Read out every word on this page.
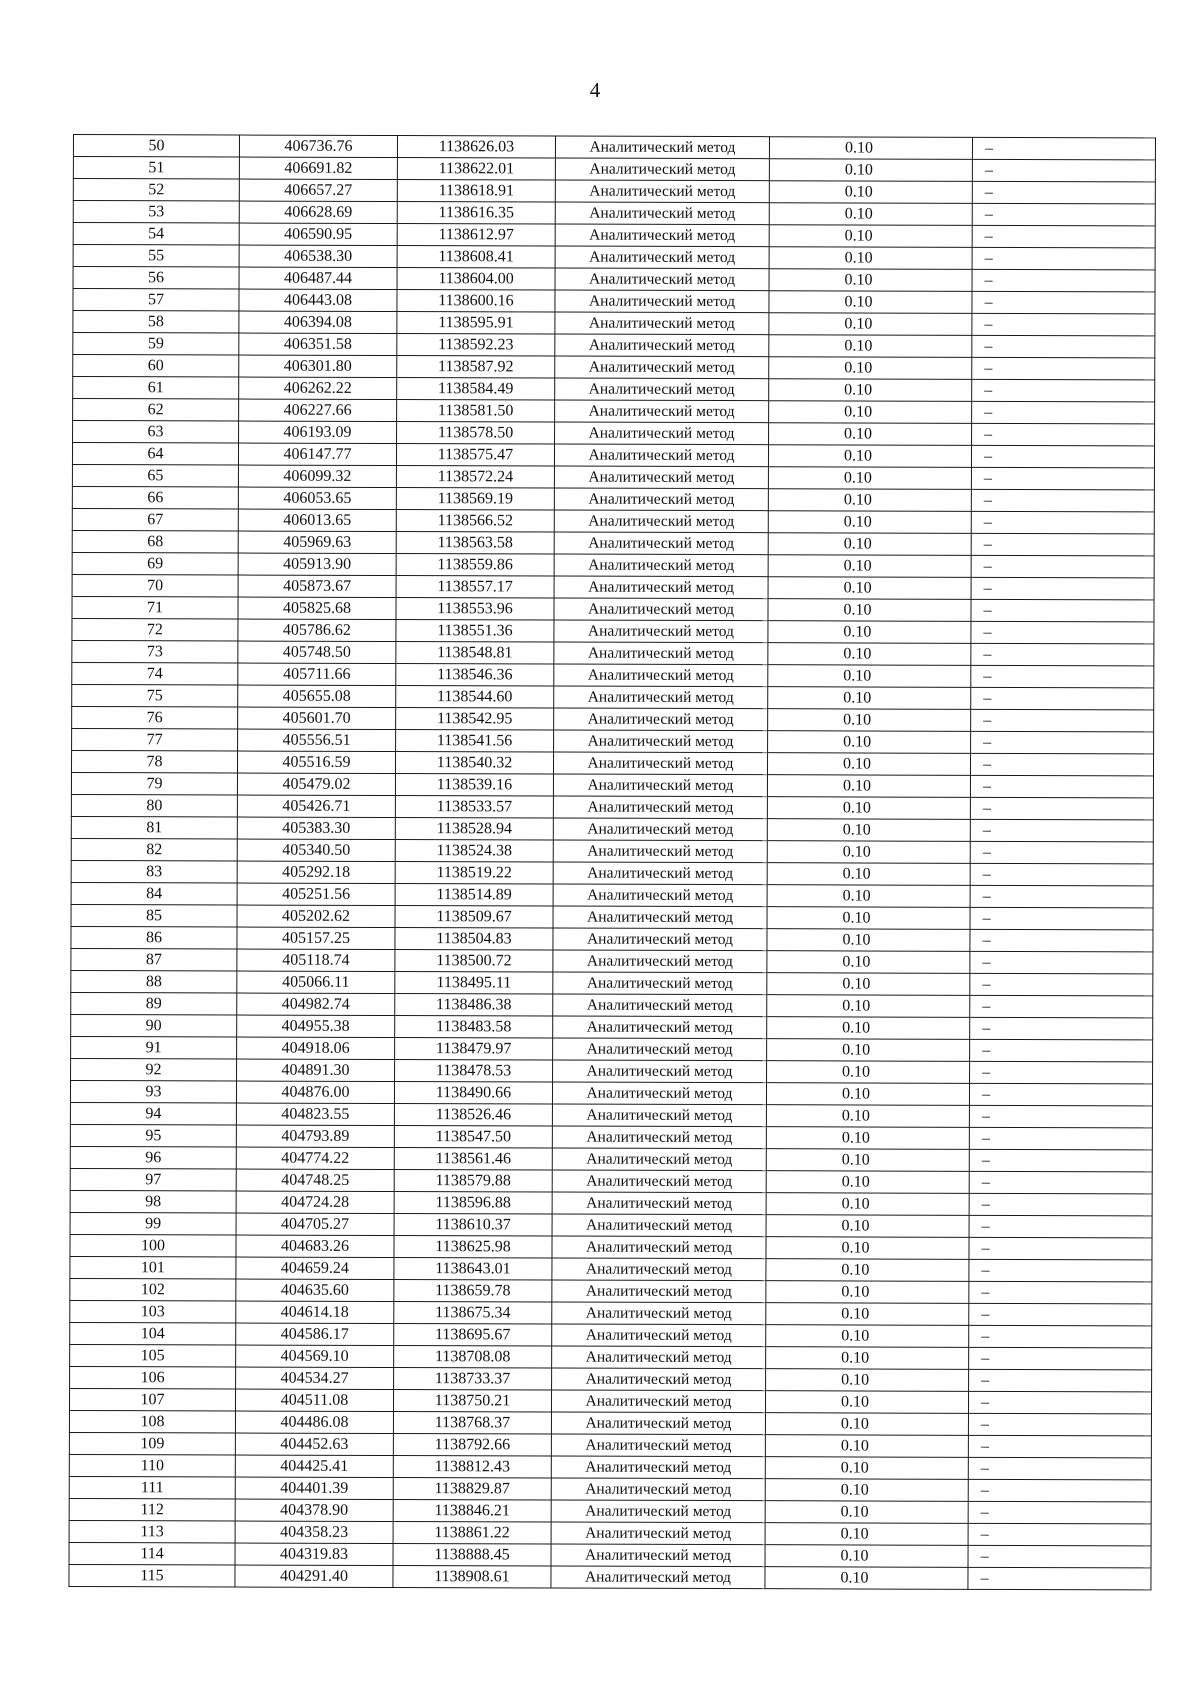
4
50	406736.76	1138626.03	Аналитический метод	0.10	–
51	406691.82	1138622.01	Аналитический метод	0.10	–
52	406657.27	1138618.91	Аналитический метод	0.10	–
53	406628.69	1138616.35	Аналитический метод	0.10	–
54	406590.95	1138612.97	Аналитический метод	0.10	–
55	406538.30	1138608.41	Аналитический метод	0.10	–
56	406487.44	1138604.00	Аналитический метод	0.10	–
57	406443.08	1138600.16	Аналитический метод	0.10	–
58	406394.08	1138595.91	Аналитический метод	0.10	–
59	406351.58	1138592.23	Аналитический метод	0.10	–
60	406301.80	1138587.92	Аналитический метод	0.10	–
61	406262.22	1138584.49	Аналитический метод	0.10	–
62	406227.66	1138581.50	Аналитический метод	0.10	–
63	406193.09	1138578.50	Аналитический метод	0.10	–
64	406147.77	1138575.47	Аналитический метод	0.10	–
65	406099.32	1138572.24	Аналитический метод	0.10	–
66	406053.65	1138569.19	Аналитический метод	0.10	–
67	406013.65	1138566.52	Аналитический метод	0.10	–
68	405969.63	1138563.58	Аналитический метод	0.10	–
69	405913.90	1138559.86	Аналитический метод	0.10	–
70	405873.67	1138557.17	Аналитический метод	0.10	–
71	405825.68	1138553.96	Аналитический метод	0.10	–
72	405786.62	1138551.36	Аналитический метод	0.10	–
73	405748.50	1138548.81	Аналитический метод	0.10	–
74	405711.66	1138546.36	Аналитический метод	0.10	–
75	405655.08	1138544.60	Аналитический метод	0.10	–
76	405601.70	1138542.95	Аналитический метод	0.10	–
77	405556.51	1138541.56	Аналитический метод	0.10	–
78	405516.59	1138540.32	Аналитический метод	0.10	–
79	405479.02	1138539.16	Аналитический метод	0.10	–
80	405426.71	1138533.57	Аналитический метод	0.10	–
81	405383.30	1138528.94	Аналитический метод	0.10	–
82	405340.50	1138524.38	Аналитический метод	0.10	–
83	405292.18	1138519.22	Аналитический метод	0.10	–
84	405251.56	1138514.89	Аналитический метод	0.10	–
85	405202.62	1138509.67	Аналитический метод	0.10	–
86	405157.25	1138504.83	Аналитический метод	0.10	–
87	405118.74	1138500.72	Аналитический метод	0.10	–
88	405066.11	1138495.11	Аналитический метод	0.10	–
89	404982.74	1138486.38	Аналитический метод	0.10	–
90	404955.38	1138483.58	Аналитический метод	0.10	–
91	404918.06	1138479.97	Аналитический метод	0.10	–
92	404891.30	1138478.53	Аналитический метод	0.10	–
93	404876.00	1138490.66	Аналитический метод	0.10	–
94	404823.55	1138526.46	Аналитический метод	0.10	–
95	404793.89	1138547.50	Аналитический метод	0.10	–
96	404774.22	1138561.46	Аналитический метод	0.10	–
97	404748.25	1138579.88	Аналитический метод	0.10	–
98	404724.28	1138596.88	Аналитический метод	0.10	–
99	404705.27	1138610.37	Аналитический метод	0.10	–
100	404683.26	1138625.98	Аналитический метод	0.10	–
101	404659.24	1138643.01	Аналитический метод	0.10	–
102	404635.60	1138659.78	Аналитический метод	0.10	–
103	404614.18	1138675.34	Аналитический метод	0.10	–
104	404586.17	1138695.67	Аналитический метод	0.10	–
105	404569.10	1138708.08	Аналитический метод	0.10	–
106	404534.27	1138733.37	Аналитический метод	0.10	–
107	404511.08	1138750.21	Аналитический метод	0.10	–
108	404486.08	1138768.37	Аналитический метод	0.10	–
109	404452.63	1138792.66	Аналитический метод	0.10	–
110	404425.41	1138812.43	Аналитический метод	0.10	–
111	404401.39	1138829.87	Аналитический метод	0.10	–
112	404378.90	1138846.21	Аналитический метод	0.10	–
113	404358.23	1138861.22	Аналитический метод	0.10	–
114	404319.83	1138888.45	Аналитический метод	0.10	–
115	404291.40	1138908.61	Аналитический метод	0.10	–
